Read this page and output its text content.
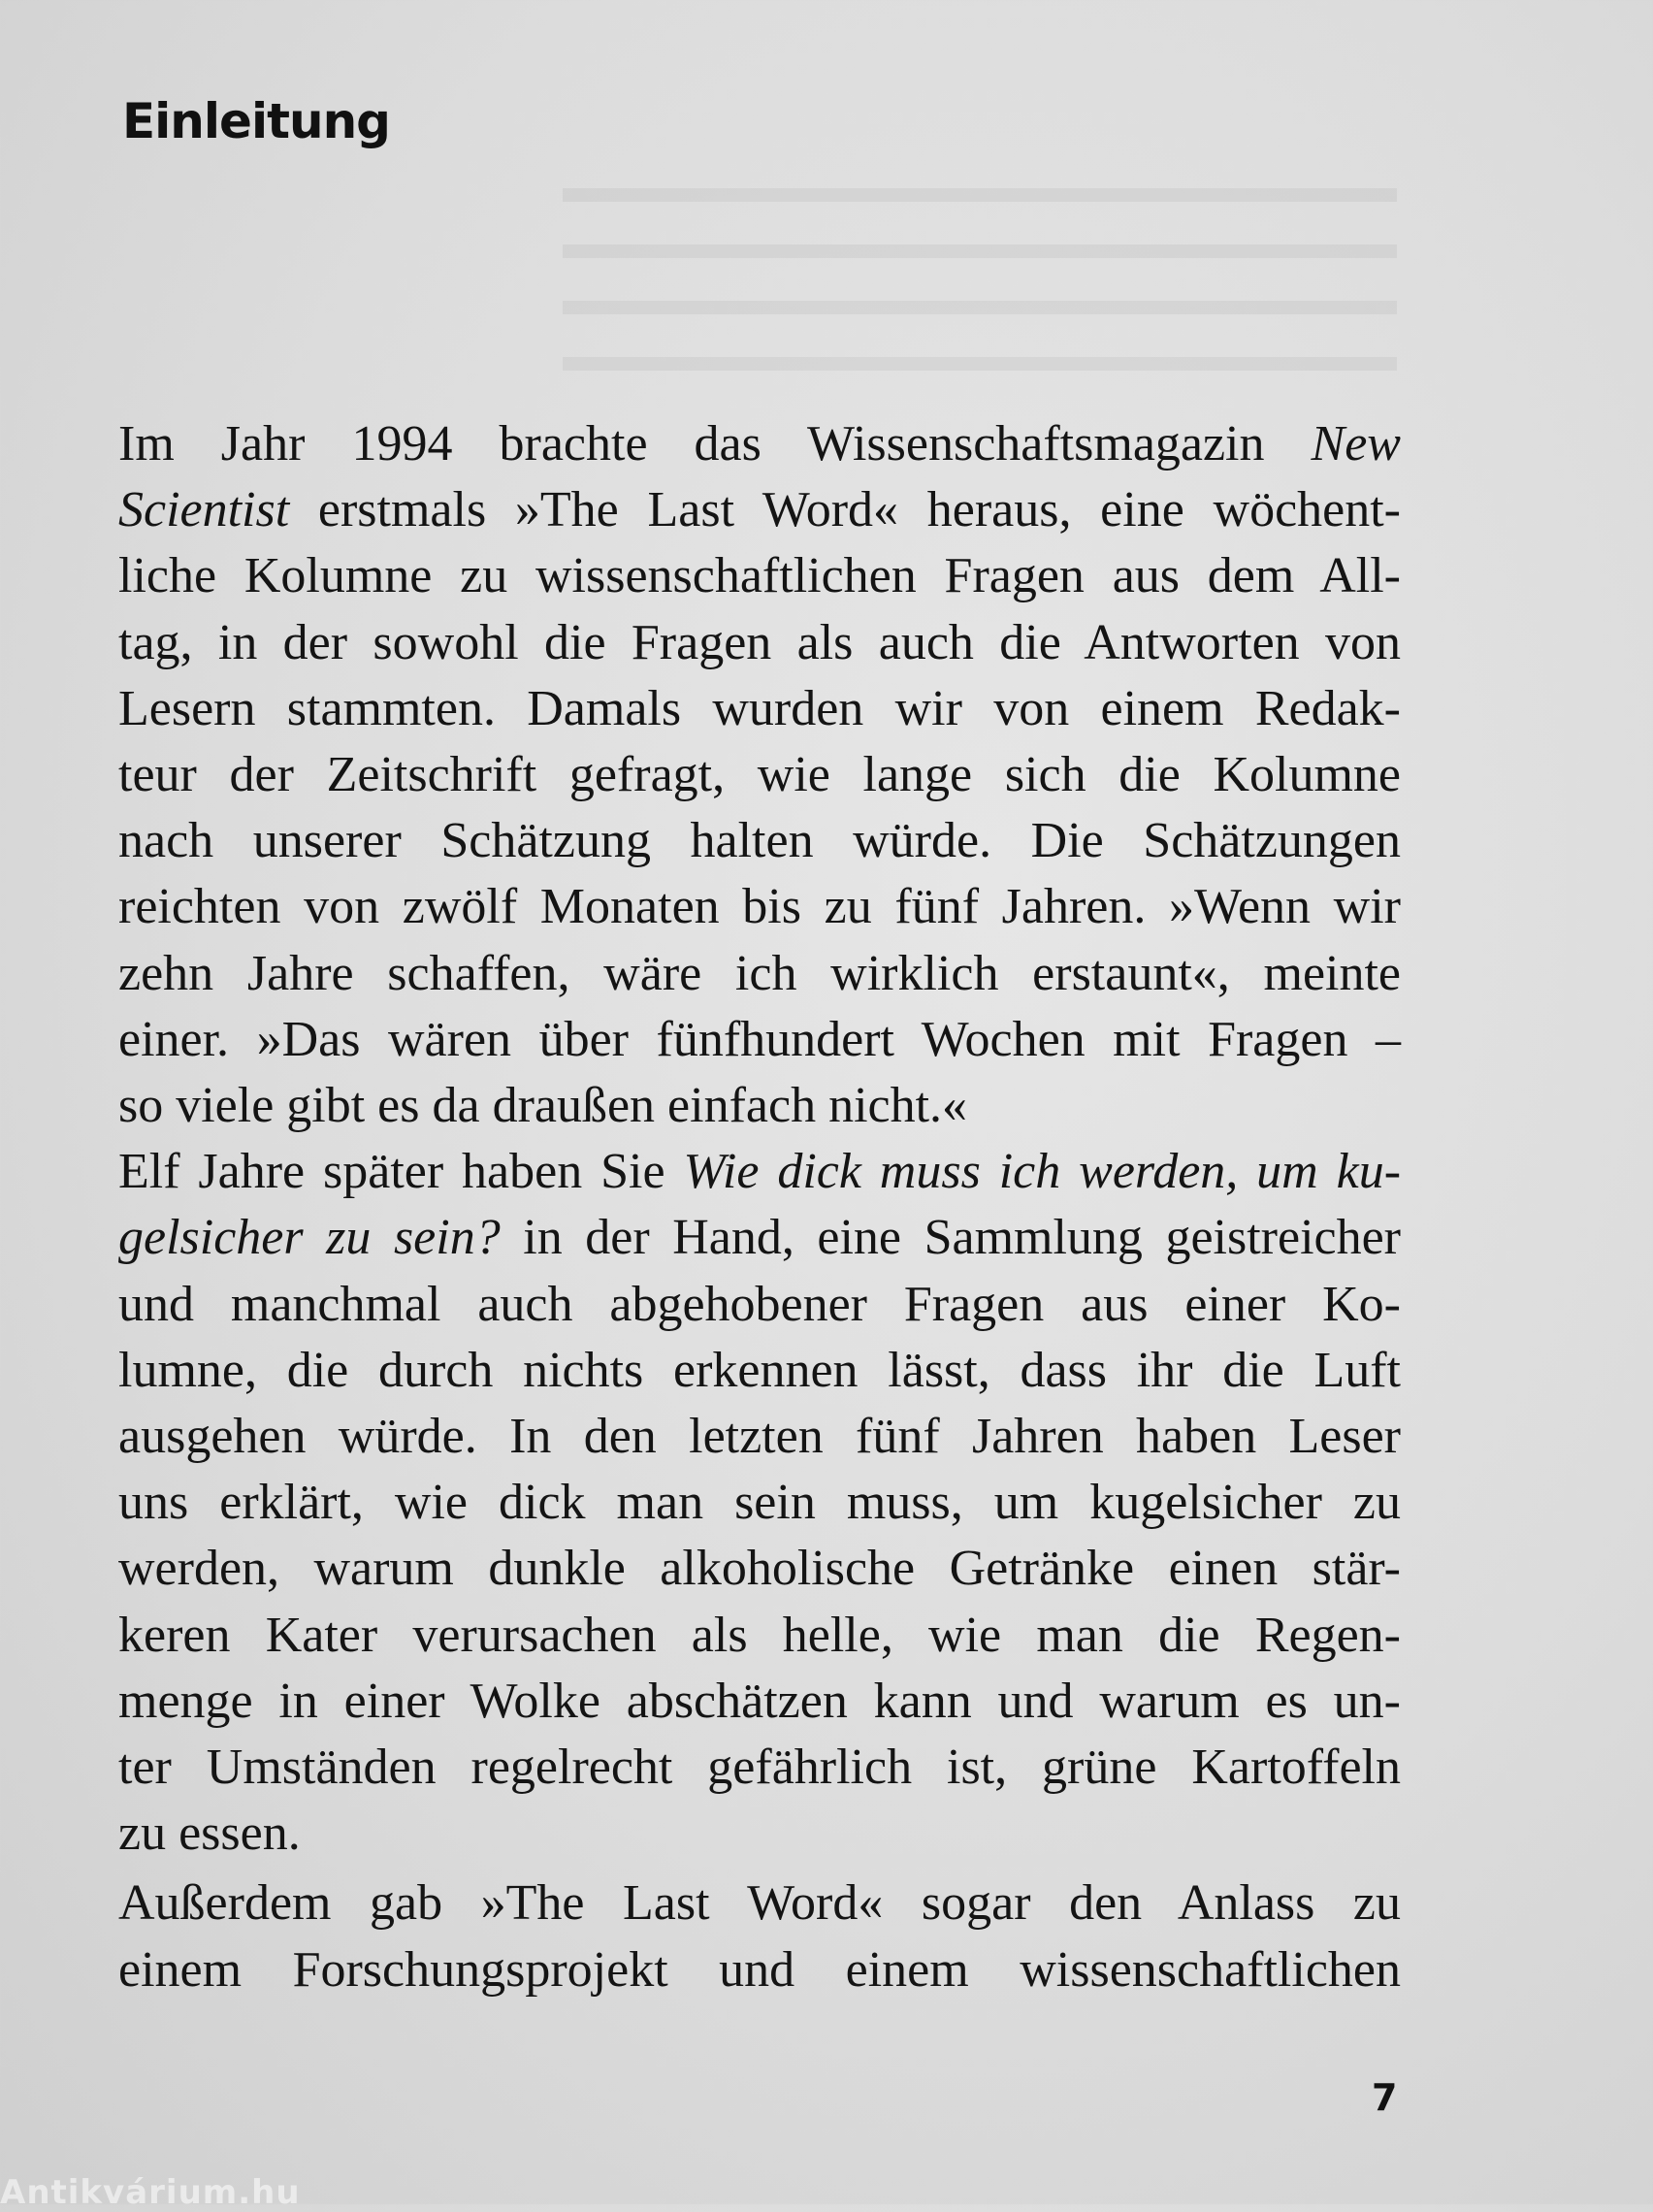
Einleitung
Im Jahr 1994 brachte das Wissenschaftsmagazin New
Scientist erstmals »The Last Word« heraus, eine wöchent-
liche Kolumne zu wissenschaftlichen Fragen aus dem All-
tag, in der sowohl die Fragen als auch die Antworten von
Lesern stammten. Damals wurden wir von einem Redak-
teur der Zeitschrift gefragt, wie lange sich die Kolumne
nach unserer Schätzung halten würde. Die Schätzungen
reichten von zwölf Monaten bis zu fünf Jahren. »Wenn wir
zehn Jahre schaffen, wäre ich wirklich erstaunt«, meinte
einer. »Das wären über fünfhundert Wochen mit Fragen –
so viele gibt es da draußen einfach nicht.«
Elf Jahre später haben Sie Wie dick muss ich werden, um ku-
gelsicher zu sein? in der Hand, eine Sammlung geistreicher
und manchmal auch abgehobener Fragen aus einer Ko-
lumne, die durch nichts erkennen lässt, dass ihr die Luft
ausgehen würde. In den letzten fünf Jahren haben Leser
uns erklärt, wie dick man sein muss, um kugelsicher zu
werden, warum dunkle alkoholische Getränke einen stär-
keren Kater verursachen als helle, wie man die Regen-
menge in einer Wolke abschätzen kann und warum es un-
ter Umständen regelrecht gefährlich ist, grüne Kartoffeln
zu essen.
Außerdem gab »The Last Word« sogar den Anlass zu
einem Forschungsprojekt und einem wissenschaftlichen
7
Antikvárium.hu
